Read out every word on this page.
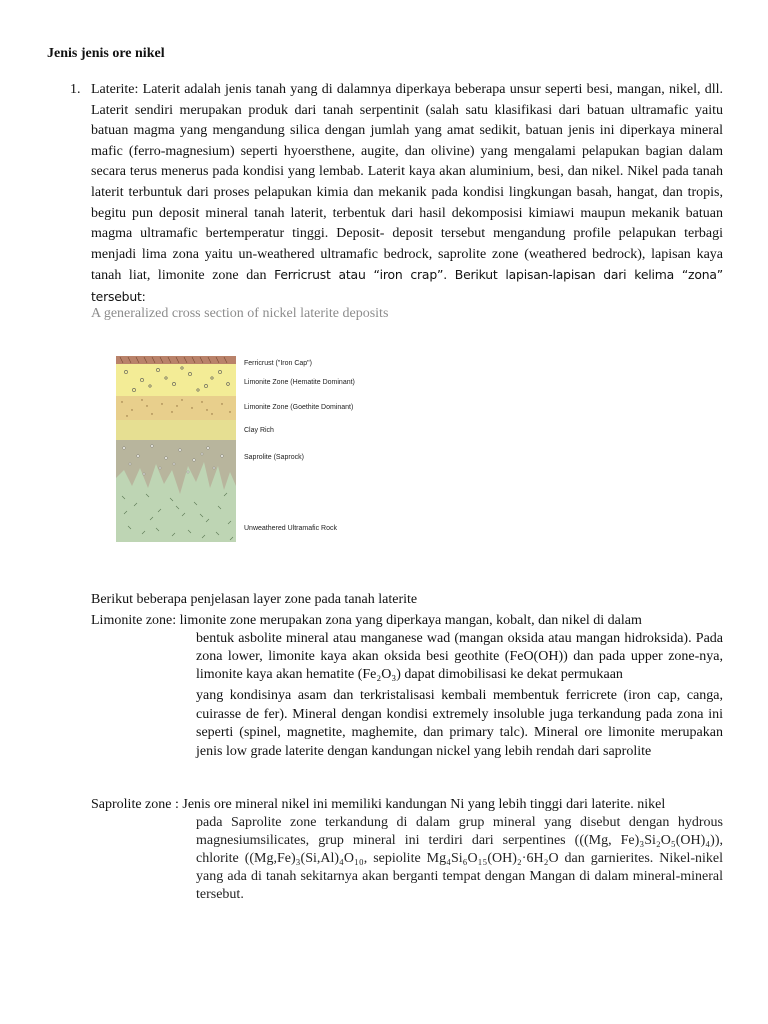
Jenis jenis ore nikel
1. Laterite: Laterit adalah jenis tanah yang di dalamnya diperkaya beberapa unsur seperti besi, mangan, nikel, dll. Laterit sendiri merupakan produk dari tanah serpentinit (salah satu klasifikasi dari batuan ultramafic yaitu batuan magma yang mengandung silica dengan jumlah yang amat sedikit, batuan jenis ini diperkaya mineral mafic (ferro-magnesium) seperti hyoersthene, augite, dan olivine) yang mengalami pelapukan bagian dalam secara terus menerus pada kondisi yang lembab. Laterit kaya akan aluminium, besi, dan nikel. Nikel pada tanah laterit terbuntuk dari proses pelapukan kimia dan mekanik pada kondisi lingkungan basah, hangat, dan tropis, begitu pun deposit mineral tanah laterit, terbentuk dari hasil dekomposisi kimiawi maupun mekanik batuan magma ultramafic bertemperatur tinggi. Deposit- deposit tersebut mengandung profile pelapukan terbagi menjadi lima zona yaitu un-weathered ultramafic bedrock, saprolite zone (weathered bedrock), lapisan kaya tanah liat, limonite zone dan Ferricrust atau “iron crap”. Berikut lapisan-lapisan dari kelima “zona” tersebut:
A generalized cross section of nickel laterite deposits
Ferricrust ("Iron Cap")
Limonite Zone (Hematite Dominant)
Limonite Zone (Goethite Dominant)
Clay Rich
Saprolite (Saprock)
Unweathered Ultramafic Rock
Berikut beberapa penjelasan layer zone pada tanah laterite
Limonite zone: limonite zone merupakan zona yang diperkaya mangan, kobalt, dan nikel di dalam
bentuk asbolite mineral atau manganese wad (mangan oksida atau mangan hidroksida). Pada zona lower, limonite kaya akan oksida besi geothite (FeO(OH)) dan pada upper zone-nya, limonite kaya akan hematite (Fe₂O₃) dapat dimobilisasi ke dekat permukaan
yang kondisinya asam dan terkristalisasi kembali membentuk ferricrete (iron cap, canga, cuirasse de fer). Mineral dengan kondisi extremely insoluble juga terkandung pada zona ini seperti (spinel, magnetite, maghemite, dan primary talc). Mineral ore limonite merupakan jenis low grade laterite dengan kandungan nickel yang lebih rendah dari saprolite
Saprolite zone : Jenis ore mineral nikel ini memiliki kandungan Ni yang lebih tinggi dari laterite. nikel
pada Saprolite zone terkandung di dalam grup mineral yang disebut dengan hydrous magnesiumsilicates, grup mineral ini terdiri dari serpentines (((Mg, Fe)₃Si₂O₅(OH)₄)), chlorite ((Mg,Fe)₃(Si,Al)₄O₁₀, sepiolite Mg₄Si₆O₁₅(OH)₂·6H₂O dan garnierites. Nikel-nikel yang ada di tanah sekitarnya akan berganti tempat dengan Mangan di dalam mineral-mineral tersebut.
